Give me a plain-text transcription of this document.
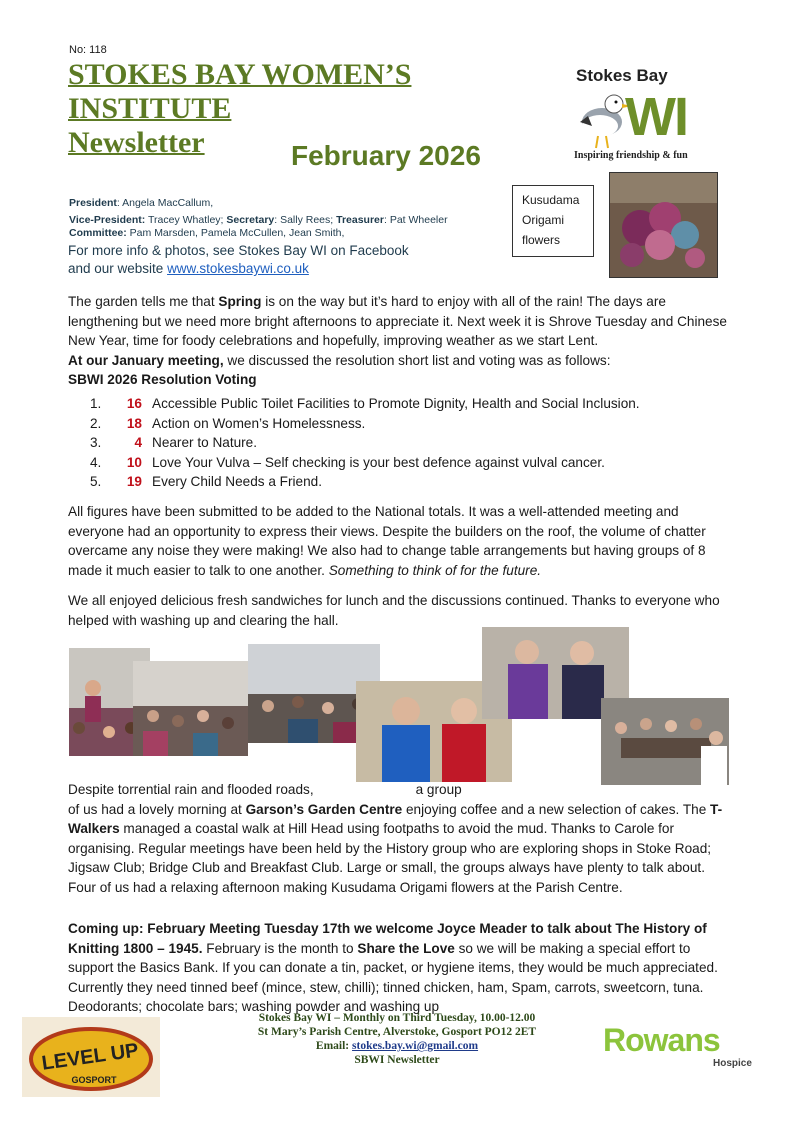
No: 118
STOKES BAY WOMEN’S
INSTITUTE
Newsletter	February 2026
Stokes Bay
WI
Inspiring friendship & fun
President: Angela MacCallum,
Vice-President: Tracey Whatley; Secretary: Sally Rees; Treasurer: Pat Wheeler
Committee: Pam Marsden, Pamela McCullen, Jean Smith,
For more info & photos, see Stokes Bay WI on Facebook
and our website www.stokesbaywi.co.uk
Kusudama
Origami
flowers
The garden tells me that Spring is on the way but it’s hard to enjoy with all of the rain! The days are lengthening but we need more bright afternoons to appreciate it. Next week it is Shrove Tuesday and Chinese New Year, time for foody celebrations and hopefully, improving weather as we start Lent.
At our January meeting, we discussed the resolution short list and voting was as follows:
SBWI 2026 Resolution Voting
1.	16 Accessible Public Toilet Facilities to Promote Dignity, Health and Social Inclusion.
2.	18 Action on Women’s Homelessness.
3.	4 Nearer to Nature.
4.	10 Love Your Vulva – Self checking is your best defence against vulval cancer.
5.	19 Every Child Needs a Friend.
All figures have been submitted to be added to the National totals. It was a well-attended meeting and everyone had an opportunity to express their views. Despite the builders on the roof, the volume of chatter overcame any noise they were making! We also had to change table arrangements but having groups of 8 made it much easier to talk to one another. Something to think of for the future.
We all enjoyed delicious fresh sandwiches for lunch and the discussions continued. Thanks to everyone who helped with washing up and clearing the hall.
Despite torrential rain and flooded roads,	a group
of us had a lovely morning at Garson’s Garden Centre enjoying coffee and a new selection of cakes. The T-Walkers managed a coastal walk at Hill Head using footpaths to avoid the mud. Thanks to Carole for organising. Regular meetings have been held by the History group who are exploring shops in Stoke Road; Jigsaw Club; Bridge Club and Breakfast Club. Large or small, the groups always have plenty to talk about. Four of us had a relaxing afternoon making Kusudama Origami flowers at the Parish Centre.
Coming up: February Meeting Tuesday 17th we welcome Joyce Meader to talk about The History of Knitting 1800 – 1945. February is the month to Share the Love so we will be making a special effort to support the Basics Bank. If you can donate a tin, packet, or hygiene items, they would be much appreciated. Currently they need tinned beef (mince, stew, chilli); tinned chicken, ham, Spam, carrots, sweetcorn, tuna. Deodorants; chocolate bars; washing powder and washing up
Stokes Bay WI – Monthly on Third Tuesday, 10.00-12.00
St Mary’s Parish Centre, Alverstoke, Gosport PO12 2ET
Email: stokes.bay.wi@gmail.com
SBWI Newsletter
LEVEL UP
GOSPORT
Rowans
Hospice
